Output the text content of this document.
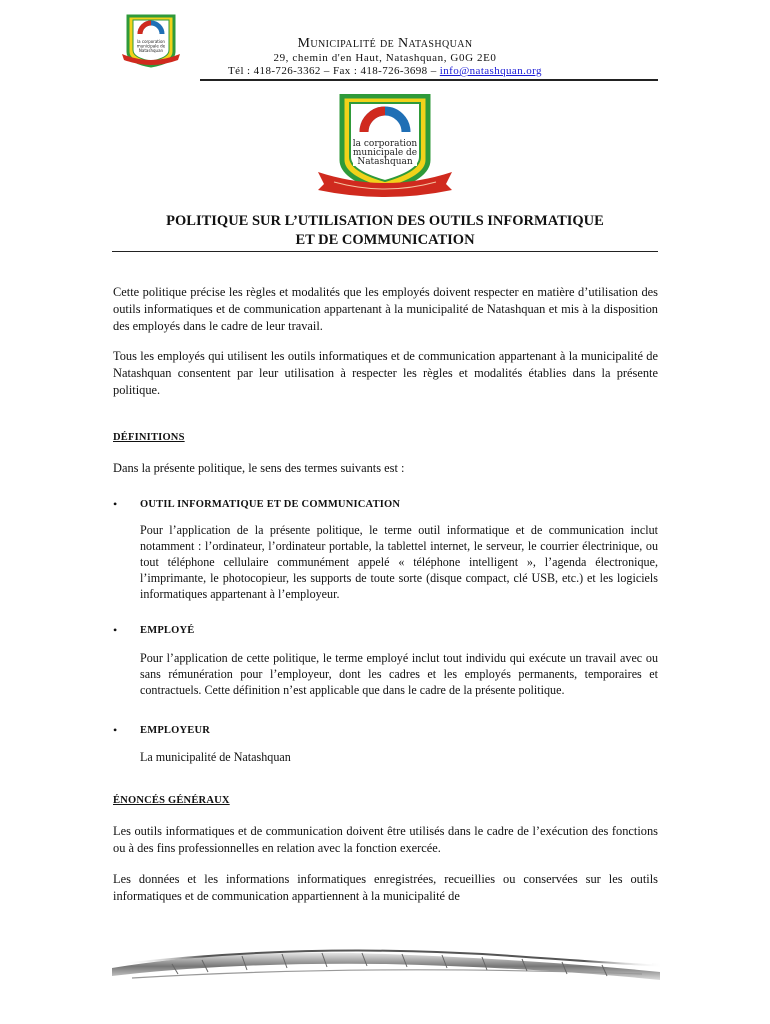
la corporation
municipale de
Natashquan	Municipalité de Natashquan
29, chemin d'en Haut, Natashquan, G0G 2E0
Tél : 418-726-3362 – Fax : 418-726-3698 – info@natashquan.org
la corporation
municipale de
Natashquan
POLITIQUE SUR L’UTILISATION DES OUTILS INFORMATIQUE
ET DE COMMUNICATION

Cette politique précise les règles et modalités que les employés doivent respecter en matière d’utilisation des outils informatiques et de communication appartenant à la municipalité de Natashquan et mis à la disposition des employés dans le cadre de leur travail.

Tous les employés qui utilisent les outils informatiques et de communication appartenant à la municipalité de Natashquan consentent par leur utilisation à respecter les règles et modalités établies dans la présente politique.

DÉFINITIONS

Dans la présente politique, le sens des termes suivants est :

• OUTIL INFORMATIQUE ET DE COMMUNICATION

Pour l’application de la présente politique, le terme outil informatique et de communication inclut notamment : l’ordinateur, l’ordinateur portable, la tablettel internet, le serveur, le courrier électrinique, ou tout téléphone cellulaire communément appelé « téléphone intelligent », l’agenda électronique, l’imprimante, le photocopieur, les supports de toute sorte (disque compact, clé USB, etc.) et les logiciels informatiques appartenant à l’employeur.

• EMPLOYÉ

Pour l’application de cette politique, le terme employé inclut tout individu qui exécute un travail avec ou sans rémunération pour l’employeur, dont les cadres et les employés permanents, temporaires et contractuels. Cette définition n’est applicable que dans le cadre de la présente politique.

• EMPLOYEUR

La municipalité de Natashquan

ÉNONCÉS GÉNÉRAUX

Les outils informatiques et de communication doivent être utilisés dans le cadre de l’exécution des fonctions ou à des fins professionnelles en relation avec la fonction exercée.

Les données et les informations informatiques enregistrées, recueillies ou conservées sur les outils informatiques et de communication appartiennent à la municipalité de
